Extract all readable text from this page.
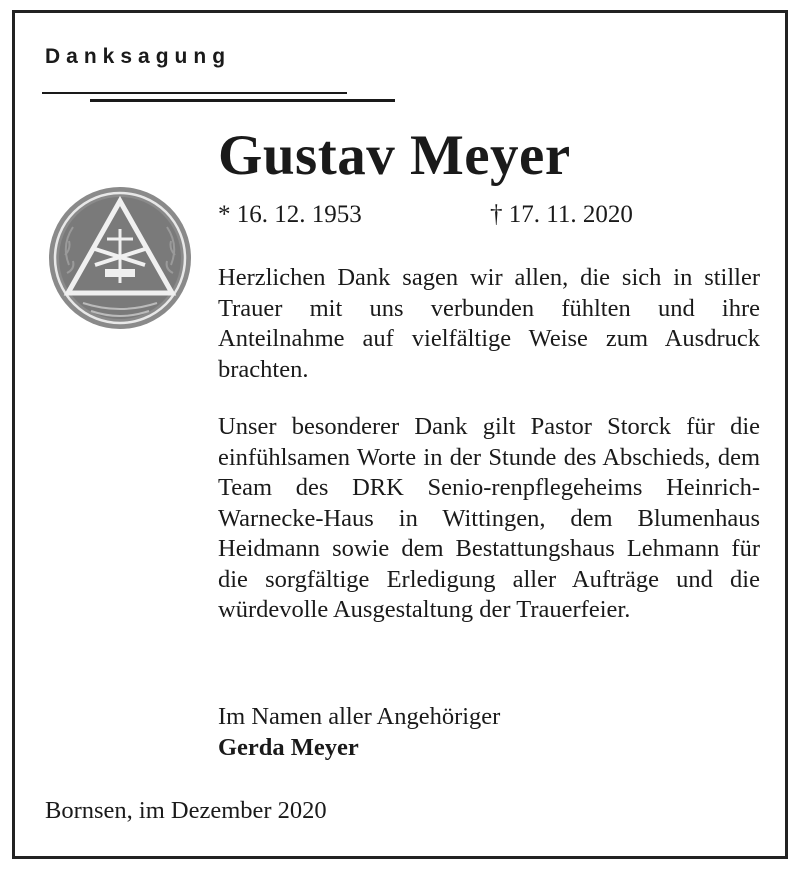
Danksagung
Gustav Meyer
* 16. 12. 1953	† 17. 11. 2020

Herzlichen Dank sagen wir allen, die sich in stiller Trauer mit uns verbunden fühlten und ihre Anteilnahme auf vielfältige Weise zum Ausdruck brachten.

Unser besonderer Dank gilt Pastor Storck für die einfühlsamen Worte in der Stunde des Abschieds, dem Team des DRK Senio-renpflegeheims Heinrich-Warnecke-Haus in Wittingen, dem Blumenhaus Heidmann sowie dem Bestattungshaus Lehmann für die sorgfältige Erledigung aller Aufträge und die würdevolle Ausgestaltung der Trauerfeier.

Im Namen aller Angehöriger
Gerda Meyer
Bornsen, im Dezember 2020
